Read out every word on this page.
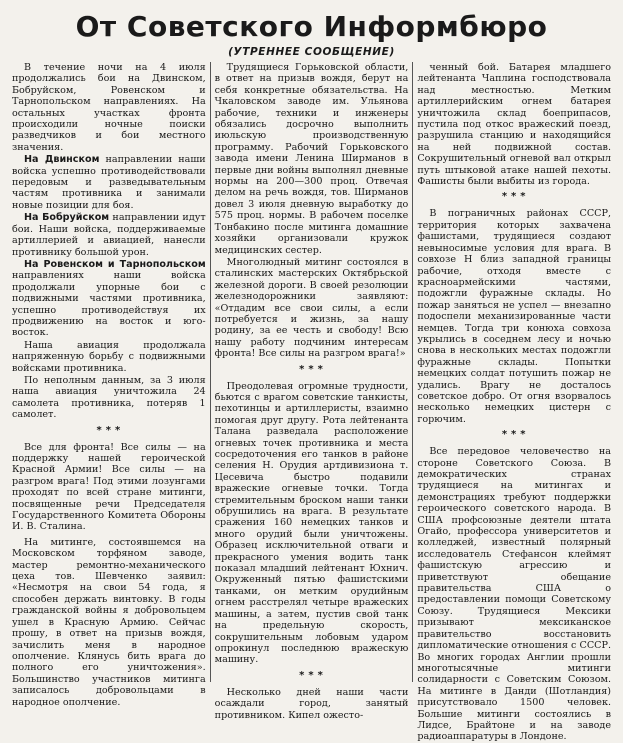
От Советского Информбюро
(УТРЕННЕЕ СООБЩЕНИЕ)

В течение ночи на 4 июля продолжались бои на Двинском, Бобруйском, Ровенском и Тарнопольском направлениях. На остальных участках фронта происходили ночные поиски разведчиков и бои местного значения.

На Двинском направлении наши войска успешно противодействовали передовым и разведывательным частям противника и занимали новые позиции для боя.

На Бобруйском направлении идут бои. Наши войска, поддерживаемые артиллерией и авиацией, нанесли противнику большой урон.

На Ровенском и Тарнопольском направлениях наши войска продолжали упорные бои с подвижными частями противника, успешно противодействуя их продвижению на восток и юго-восток.

Наша авиация продолжала напряженную борьбу с подвижными войсками противника.

По неполным данным, за 3 июля наша авиация уничтожила 24 самолета противника, потеряв 1 самолет.

* * *

Все для фронта! Все силы — на поддержку нашей героической Красной Армии! Все силы — на разгром врага! Под этими лозунгами проходят по всей стране митинги, посвященные речи Председателя Государственного Комитета Обороны И. В. Сталина.

На митинге, состоявшемся на Московском торфяном заводе, мастер ремонтно-механического цеха тов. Шевченко заявил: «Несмотря на свои 54 года, я способен держать винтовку. В годы гражданской войны я добровольцем ушел в Красную Армию. Сейчас прошу, в ответ на призыв вождя, зачислить меня в народное ополчение. Клянусь бить врага до полного его уничтожения». Большинство участников митинга записалось добровольцами в народное ополчение.

Трудящиеся Горьковской области, в ответ на призыв вождя, берут на себя конкретные обязательства. На Чкаловском заводе им. Ульянова рабочие, техники и инженеры обязались досрочно выполнить июльскую производственную программу. Рабочий Горьковского завода имени Ленина Ширманов в первые дни войны выполнял дневные нормы на 200—300 проц. Отвечая делом на речь вождя, тов. Ширманов довел 3 июля дневную выработку до 575 проц. нормы. В рабочем поселке Тонбакино после митинга домашние хозяйки организовали кружок медицинских сестер.

Многолюдный митинг состоялся в сталинских мастерских Октябрьской железной дороги. В своей резолюции железнодорожники заявляют: «Отдадим все свои силы, а если потребуется и жизнь, за нашу родину, за ее честь и свободу! Всю нашу работу подчиним интересам фронта! Все силы на разгром врага!»

* * *

Преодолевая огромные трудности, бьются с врагом советские танкисты, пехотинцы и артиллеристы, взаимно помогая друг другу. Рота лейтенанта Талана разведала расположение огневых точек противника и места сосредоточения его танков в районе селения Н. Орудия артдивизиона т. Цесевича быстро подавили вражеские огневые точки. Тогда стремительным броском наши танки обрушились на врага. В результате сражения 160 немецких танков и много орудий были уничтожены. Образец исключительной отваги и прекрасного умения водить танк показал младший лейтенант Юхнич. Окруженный пятью фашистскими танками, он метким орудийным огнем расстрелял четыре вражеских машины, а затем, пустив свой танк на предельную скорость, сокрушительным лобовым ударом опрокинул последнюю вражескую машину.

* * *

Несколько дней наши части осаждали город, занятый противником. Кипел ожесто-

ченный бой. Батарея младшего лейтенанта Чаплина господствовала над местностью. Метким артиллерийским огнем батарея уничтожила склад боеприпасов, пустила под откос вражеский поезд, разрушила станцию и находящийся на ней подвижной состав. Сокрушительный огневой вал открыл путь штыковой атаке нашей пехоты. Фашисты были выбиты из города.

* * *

В пограничных районах СССР, территория которых захвачена фашистами, трудящиеся создают невыносимые условия для врага. В совхозе Н близ западной границы рабочие, отходя вместе с красноармейскими частями, подожгли фуражные склады. Но пожар заняться не успел — внезапно подоспели механизированные части немцев. Тогда три конюха совхоза укрылись в соседнем лесу и ночью снова в нескольких местах подожгли фуражные склады. Попытки немецких солдат потушить пожар не удались. Врагу не досталось советское добро. От огня взорвалось несколько немецких цистерн с горючим.

* * *

Все передовое человечество на стороне Советского Союза. В демократических странах трудящиеся на митингах и демонстрациях требуют поддержки героического советского народа. В США профсоюзные деятели штата Огайо, профессора университетов и колледжей, известный полярный исследователь Стефансон клеймят фашистскую агрессию и приветствуют обещание правительства США о предоставлении помощи Советскому Союзу. Трудящиеся Мексики призывают мексиканское правительство восстановить дипломатические отношения с СССР. Во многих городах Англии прошли многотысячные митинги солидарности с Советским Союзом. На митинге в Данди (Шотландия) присутствовало 1500 человек. Большие митинги состоялись в Лидсе, Брайтоне и на заводе радиоаппаратуры в Лондоне.
